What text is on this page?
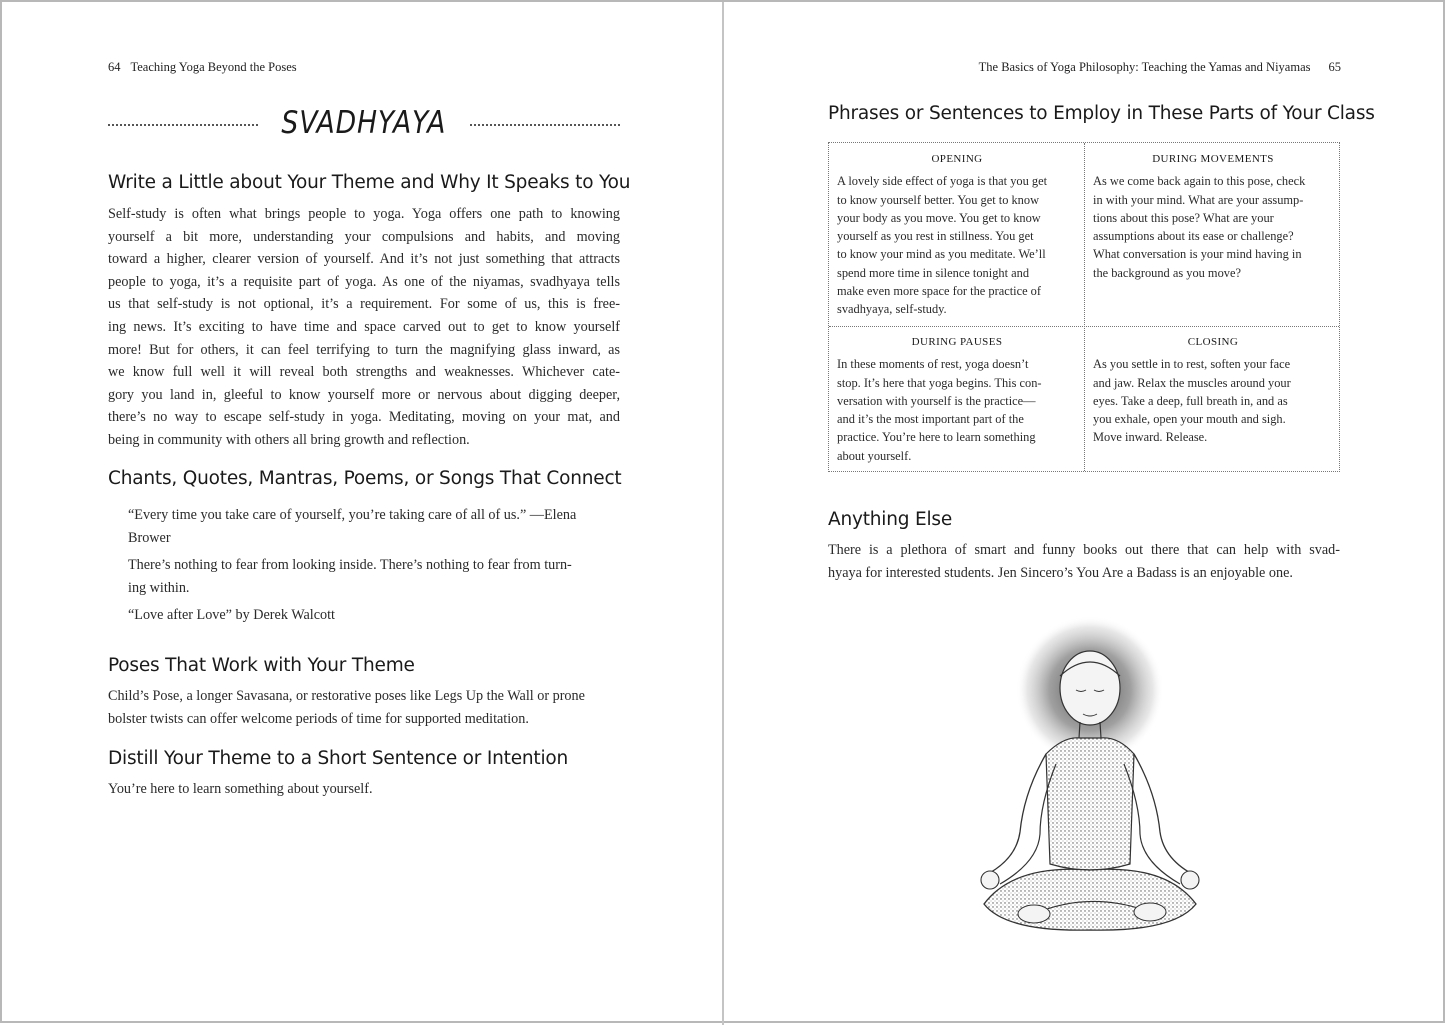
64 Teaching Yoga Beyond the Poses
SVADHYAYA
Write a Little about Your Theme and Why It Speaks to You
Self-study is often what brings people to yoga. Yoga offers one path to knowing
yourself a bit more, understanding your compulsions and habits, and moving
toward a higher, clearer version of yourself. And it’s not just something that attracts
people to yoga, it’s a requisite part of yoga. As one of the niyamas, svadhyaya tells
us that self-study is not optional, it’s a requirement. For some of us, this is free-
ing news. It’s exciting to have time and space carved out to get to know yourself
more! But for others, it can feel terrifying to turn the magnifying glass inward, as
we know full well it will reveal both strengths and weaknesses. Whichever cate-
gory you land in, gleeful to know yourself more or nervous about digging deeper,
there’s no way to escape self-study in yoga. Meditating, moving on your mat, and
being in community with others all bring growth and reflection.
Chants, Quotes, Mantras, Poems, or Songs That Connect
“Every time you take care of yourself, you’re taking care of all of us.” —Elena
Brower
There’s nothing to fear from looking inside. There’s nothing to fear from turn-
ing within.
“Love after Love” by Derek Walcott
Poses That Work with Your Theme
Child’s Pose, a longer Savasana, or restorative poses like Legs Up the Wall or prone
bolster twists can offer welcome periods of time for supported meditation.
Distill Your Theme to a Short Sentence or Intention
You’re here to learn something about yourself.
The Basics of Yoga Philosophy: Teaching the Yamas and Niyamas 65
Phrases or Sentences to Employ in These Parts of Your Class
OPENING
A lovely side effect of yoga is that you get
to know yourself better. You get to know
your body as you move. You get to know
yourself as you rest in stillness. You get
to know your mind as you meditate. We’ll
spend more time in silence tonight and
make even more space for the practice of
svadhyaya, self-study.
DURING MOVEMENTS
As we come back again to this pose, check
in with your mind. What are your assump-
tions about this pose? What are your
assumptions about its ease or challenge?
What conversation is your mind having in
the background as you move?
DURING PAUSES
In these moments of rest, yoga doesn’t
stop. It’s here that yoga begins. This con-
versation with yourself is the practice—
and it’s the most important part of the
practice. You’re here to learn something
about yourself.
CLOSING
As you settle in to rest, soften your face
and jaw. Relax the muscles around your
eyes. Take a deep, full breath in, and as
you exhale, open your mouth and sigh.
Move inward. Release.
Anything Else
There is a plethora of smart and funny books out there that can help with svad-
hyaya for interested students. Jen Sincero’s You Are a Badass is an enjoyable one.
